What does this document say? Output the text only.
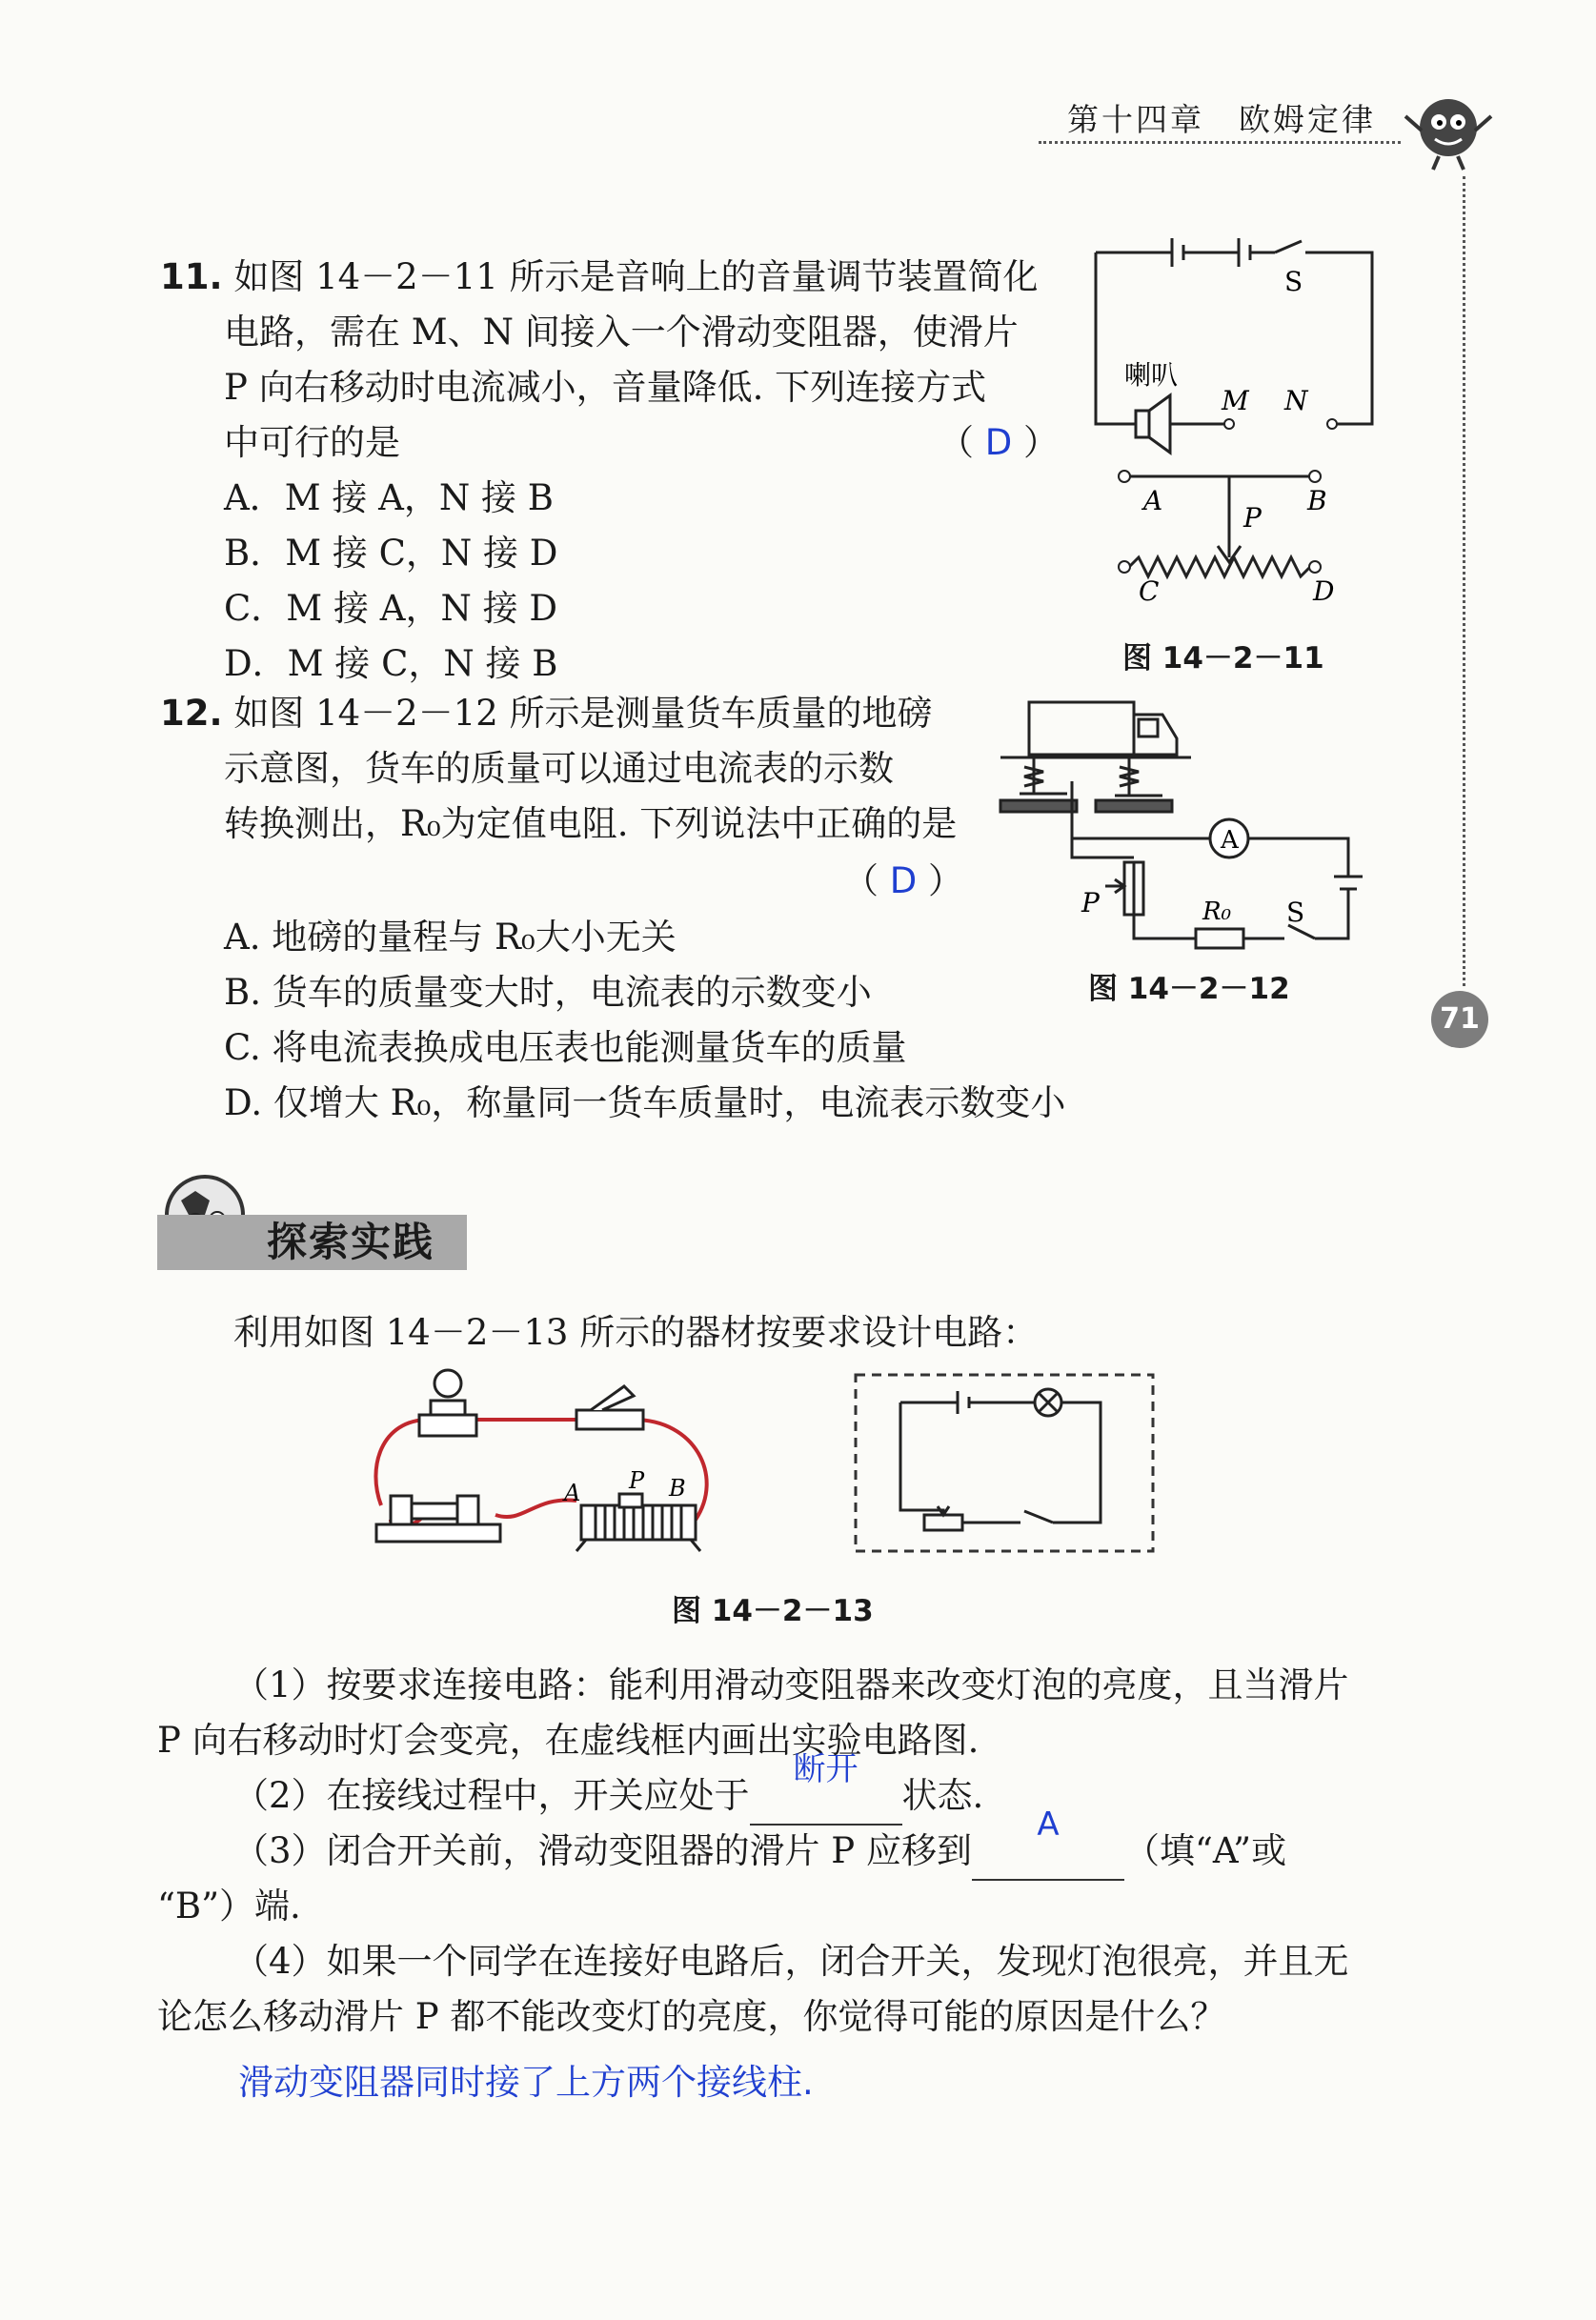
第十四章　欧姆定律
71
11. 如图 14－2－11 所示是音响上的音量调节装置简化
电路，需在 M、N 间接入一个滑动变阻器，使滑片
P 向右移动时电流减小，音量降低. 下列连接方式
中可行的是	（ D ）
A．M 接 A，N 接 B
B．M 接 C，N 接 D
C．M 接 A，N 接 D
D．M 接 C，N 接 B
S
喇叭
M N
A	B
P
C	D
图 14－2－11
12. 如图 14－2－12 所示是测量货车质量的地磅
示意图，货车的质量可以通过电流表的示数
转换测出，R₀为定值电阻. 下列说法中正确的是
（ D ）
A. 地磅的量程与 R₀大小无关
B. 货车的质量变大时，电流表的示数变小
C. 将电流表换成电压表也能测量货车的质量
D. 仅增大 R₀，称量同一货车质量时，电流表示数变小
A
P	R₀ S
图 14－2－12
探索实践
利用如图 14－2－13 所示的器材按要求设计电路：
A P B
图 14－2－13
（1）按要求连接电路：能利用滑动变阻器来改变灯泡的亮度，且当滑片
P 向右移动时灯会变亮，在虚线框内画出实验电路图.
（2）在接线过程中，开关应处于
断开
状态.
（3）闭合开关前，滑动变阻器的滑片 P 应移到
A
（填“A”或
“B”）端.
（4）如果一个同学在连接好电路后，闭合开关，发现灯泡很亮，并且无
论怎么移动滑片 P 都不能改变灯的亮度，你觉得可能的原因是什么？
滑动变阻器同时接了上方两个接线柱.
